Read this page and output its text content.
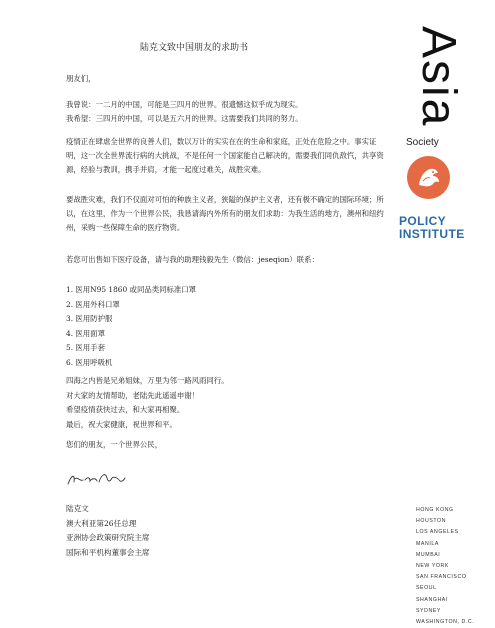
陆克文致中国朋友的求助书

朋友们，

我曾说：一二月的中国，可能是三四月的世界。很遗憾这似乎成为现实。
我希望：三四月的中国，可以是五六月的世界。这需要我们共同的努力。

疫情正在肆虐全世界的良善人们，数以万计的实实在在的生命和家庭，正处在危险之中。事实证明，这一次全世界流行病的大挑战，不是任何一个国家能自己解决的，需要我们同仇敌忾，共享资源，经验与教训，携手并肩，才能一起度过难关，战胜灾难。

要战胜灾难，我们不仅面对可怕的种族主义者，狭隘的保护主义者，还有极不确定的国际环境；所以，在这里，作为一个世界公民，我恳请海内外所有的朋友们求助：为我生活的地方，澳州和纽约州，采购一些保障生命的医疗物资。

若您可出售如下医疗设备，请与我的助理钱毅先生（微信：jeseqion）联系：

1. 医用N95 1860 或同品类同标准口罩
2. 医用外科口罩
3. 医用防护服
4. 医用面罩
5. 医用手套
6. 医用呼吸机
四海之内皆是兄弟姐妹，万里为邻一路风雨同行。
对大家的友情帮助，老陆先此遥遥申谢！
希望疫情获快过去，和大家再相聚。
最后，祝大家健康，祝世界和平。

您们的朋友，一个世界公民，

陆克文
澳大利亚第26任总理
亚洲协会政策研究院主席
国际和平机构董事会主席
Asia
Society
POLICY
INSTITUTE
HONG KONG
HOUSTON
LOS ANGELES
MANILA
MUMBAI
NEW YORK
SAN FRANCISCO
SEOUL
SHANGHAI
SYDNEY
WASHINGTON, D.C.
